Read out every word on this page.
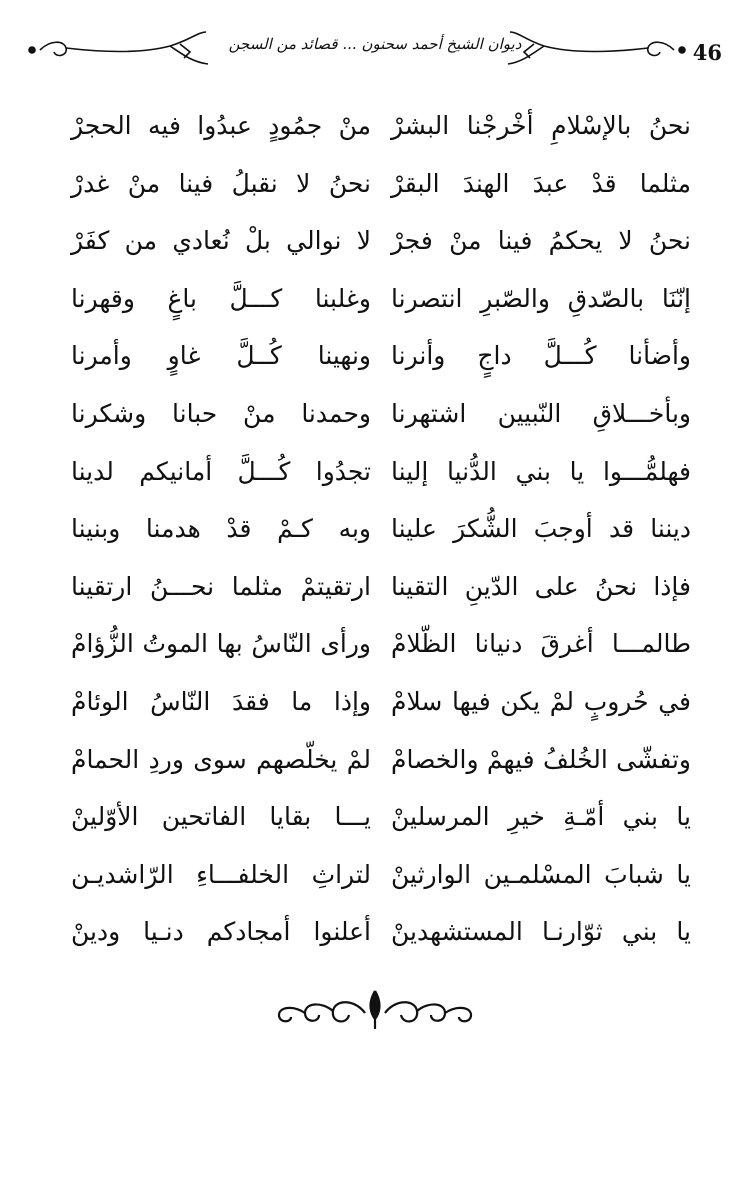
ديوان الشيخ أحمد سحنون ... قصائد من السجن	46
نحنُ بالإسْلامِ أخْرجْنا البشرْ
منْ جمُودٍ عبدُوا فيه الحجرْ
مثلما قدْ عبدَ الهندَ البقرْ
نحنُ لا نقبلُ فينا منْ غدرْ
نحنُ لا يحكمُ فينا منْ فجرْ
لا نوالي بلْ نُعادي من كفَرْ
إنّنَا بالصّدقِ والصّبرِ انتصرنا
وغلبنا كـــلَّ باغٍ وقهرنا
وأضأنا كُـــلَّ داجٍ وأنرنا
ونهينا كُــلَّ غاوٍ وأمرنا
وبأخـــلاقِ النّبيين اشتهرنا
وحمدنا منْ حبانا وشكرنا
فهلمُّـــوا يا بني الدُّنيا إلينا
تجدُوا كُـــلَّ أمانيكم لدينا
ديننا قد أوجبَ الشُّكرَ علينا
وبه كـمْ قدْ هدمنا وبنينا
فإذا نحنُ على الدّينِ التقينا
ارتقيتمْ مثلما نحـــنُ ارتقينا
طالمـــا أغرقَ دنيانا الظّلامْ
ورأى النّاسُ بها الموتُ الزُّؤامْ
في حُروبٍ لمْ يكن فيها سلامْ
وإذا ما فقدَ النّاسُ الوئامْ
وتفشّى الخُلفُ فيهمْ والخصامْ
لمْ يخلّصهم سوى وردِ الحمامْ
يا بني أمّـةِ خيرِ المرسلينْ
يـــا بقايا الفاتحين الأوّلينْ
يا شبابَ المسْلمـين الوارثينْ
لتراثِ الخلفـــاءِ الرّاشديـن
يا بني ثوّارنـا المستشهدينْ
أعلنوا أمجادكم دنـيا ودينْ
